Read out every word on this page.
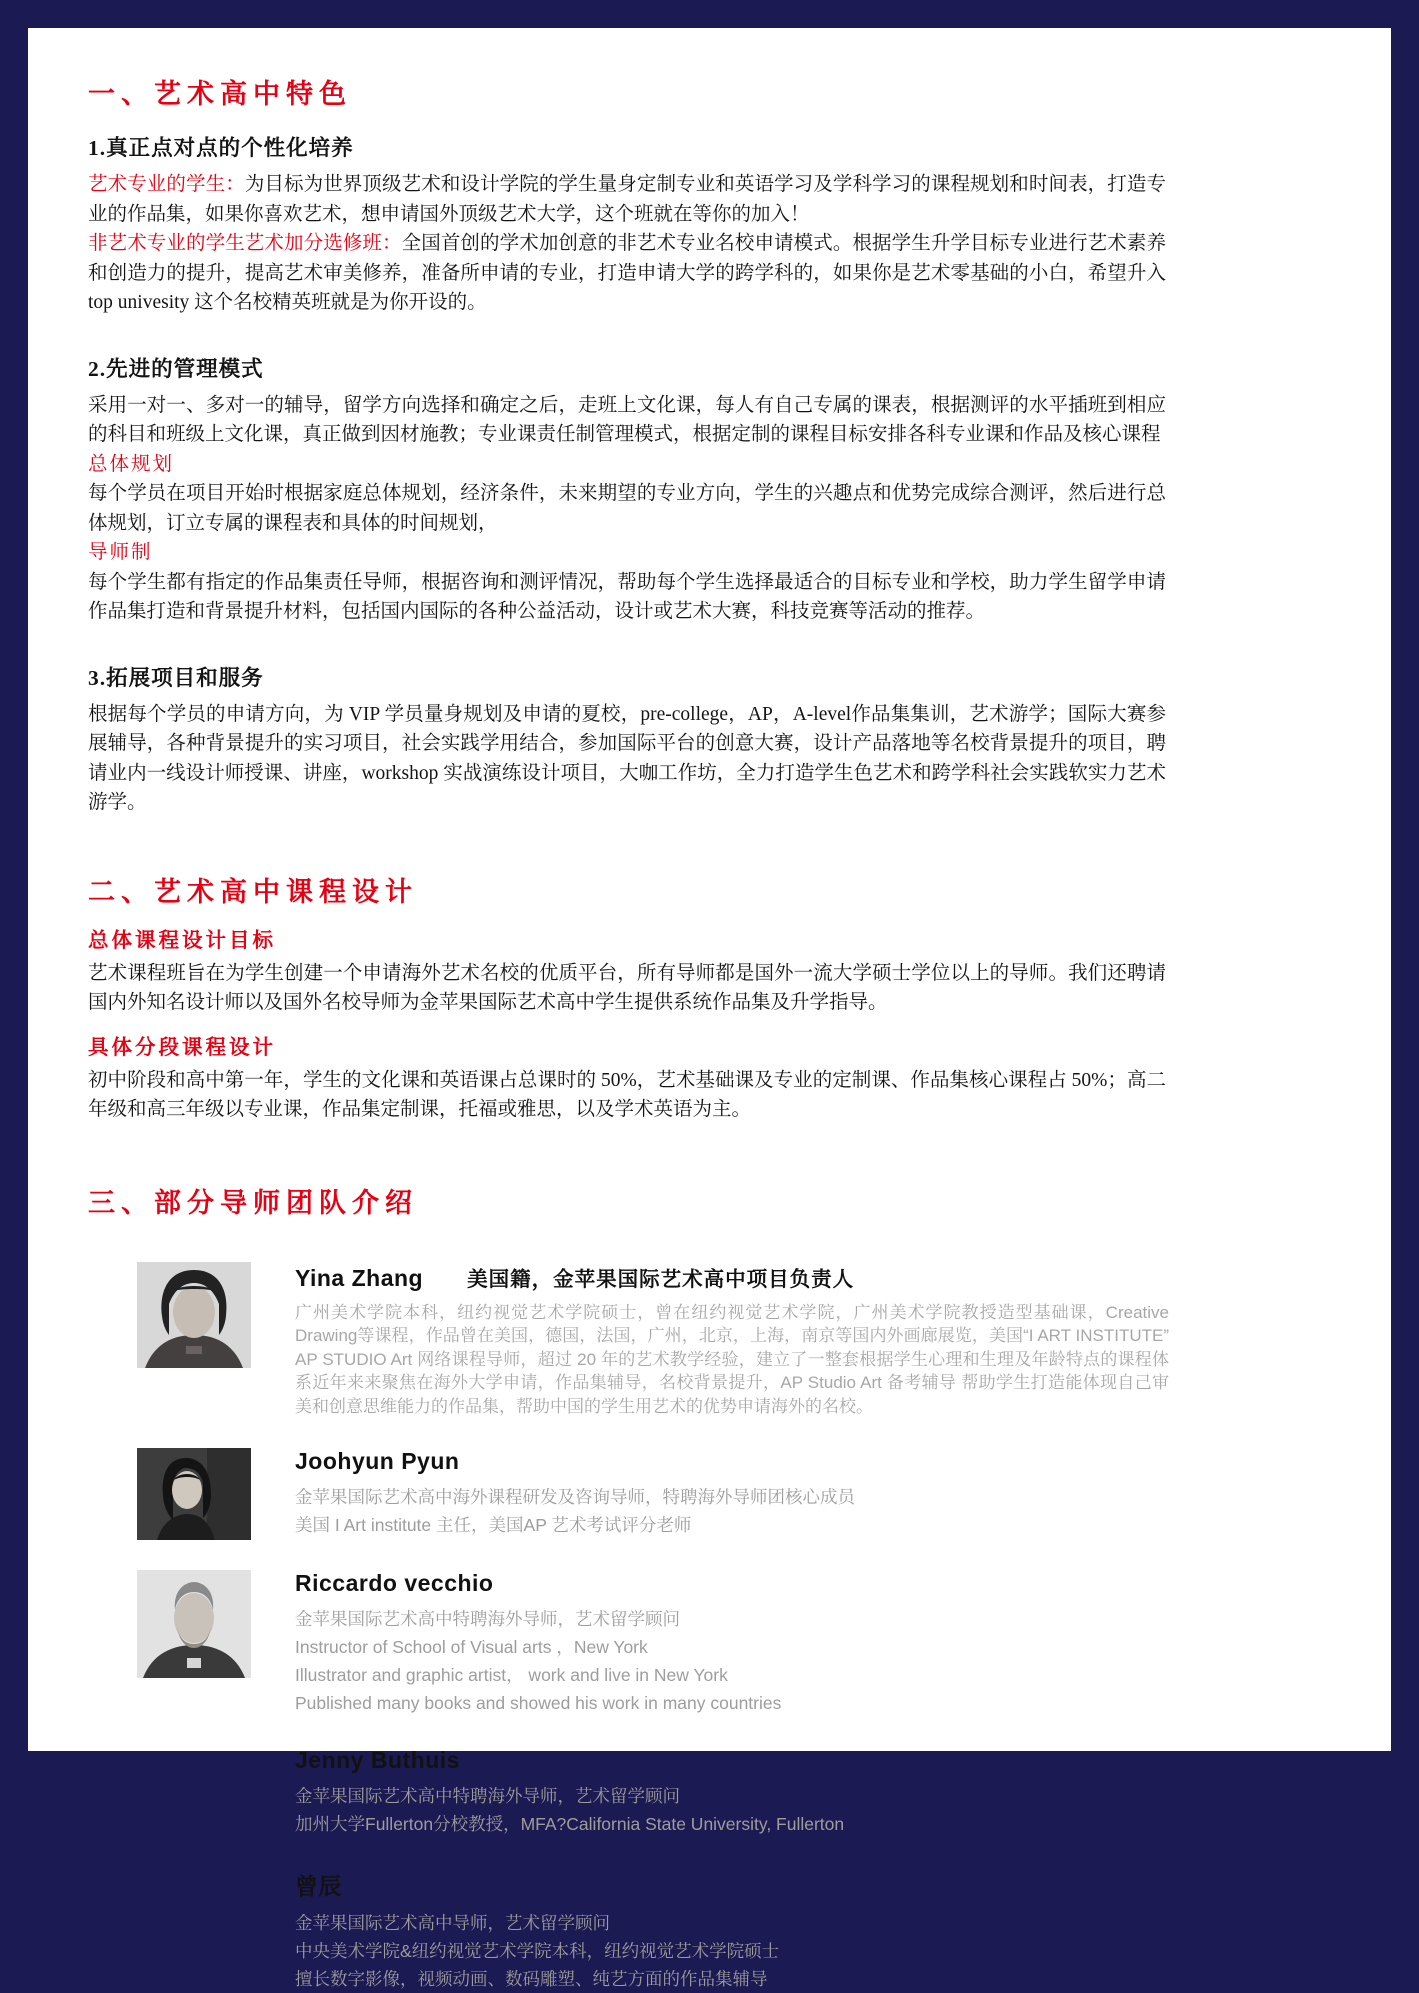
一、艺术高中特色
1.真正点对点的个性化培养

艺术专业的学生：为目标为世界顶级艺术和设计学院的学生量身定制专业和英语学习及学科学习的课程规划和时间表，打造专业的作品集，如果你喜欢艺术，想申请国外顶级艺术大学，这个班就在等你的加入！

非艺术专业的学生艺术加分选修班：全国首创的学术加创意的非艺术专业名校申请模式。根据学生升学目标专业进行艺术素养和创造力的提升，提高艺术审美修养，准备所申请的专业，打造申请大学的跨学科的，如果你是艺术零基础的小白，希望升入top univesity 这个名校精英班就是为你开设的。

2.先进的管理模式

采用一对一、多对一的辅导，留学方向选择和确定之后，走班上文化课，每人有自己专属的课表，根据测评的水平插班到相应的科目和班级上文化课，真正做到因材施教；专业课责任制管理模式，根据定制的课程目标安排各科专业课和作品及核心课程

总体规划

每个学员在项目开始时根据家庭总体规划，经济条件，未来期望的专业方向，学生的兴趣点和优势完成综合测评，然后进行总体规划，订立专属的课程表和具体的时间规划，

导师制

每个学生都有指定的作品集责任导师，根据咨询和测评情况，帮助每个学生选择最适合的目标专业和学校，助力学生留学申请作品集打造和背景提升材料，包括国内国际的各种公益活动，设计或艺术大赛，科技竞赛等活动的推荐。

3.拓展项目和服务

根据每个学员的申请方向，为 VIP 学员量身规划及申请的夏校，pre-college，AP，A-level作品集集训，艺术游学；国际大赛参展辅导，各种背景提升的实习项目，社会实践学用结合，参加国际平台的创意大赛，设计产品落地等名校背景提升的项目，聘请业内一线设计师授课、讲座，workshop 实战演练设计项目，大咖工作坊，全力打造学生色艺术和跨学科社会实践软实力艺术游学。

二、艺术高中课程设计
总体课程设计目标

艺术课程班旨在为学生创建一个申请海外艺术名校的优质平台，所有导师都是国外一流大学硕士学位以上的导师。我们还聘请国内外知名设计师以及国外名校导师为金苹果国际艺术高中学生提供系统作品集及升学指导。

具体分段课程设计

初中阶段和高中第一年，学生的文化课和英语课占总课时的 50%，艺术基础课及专业的定制课、作品集核心课程占 50%；高二年级和高三年级以专业课，作品集定制课，托福或雅思，以及学术英语为主。

三、部分导师团队介绍
Yina Zhang 美国籍，金苹果国际艺术高中项目负责人
广州美术学院本科，纽约视觉艺术学院硕士，曾在纽约视觉艺术学院，广州美术学院教授造型基础课，Creative Drawing等课程，作品曾在美国，德国，法国，广州，北京，上海，南京等国内外画廊展览，美国“I ART INSTITUTE” AP STUDIO Art 网络课程导师，超过 20 年的艺术教学经验，建立了一整套根据学生心理和生理及年龄特点的课程体系近年来来聚焦在海外大学申请，作品集辅导，名校背景提升，AP Studio Art 备考辅导 帮助学生打造能体现自己审美和创意思维能力的作品集，帮助中国的学生用艺术的优势申请海外的名校。
Joohyun Pyun
金苹果国际艺术高中海外课程研发及咨询导师，特聘海外导师团核心成员
美国 I Art institute 主任，美国AP 艺术考试评分老师
Riccardo vecchio
金苹果国际艺术高中特聘海外导师，艺术留学顾问
Instructor of School of Visual arts ，New York
Illustrator and graphic artist， work and live in New York
Published many books and showed his work in many countries
Jenny Buthuis
金苹果国际艺术高中特聘海外导师，艺术留学顾问
加州大学Fullerton分校教授，MFA?California State University, Fullerton
曾辰
金苹果国际艺术高中导师，艺术留学顾问
中央美术学院&纽约视觉艺术学院本科，纽约视觉艺术学院硕士
擅长数字影像，视频动画、数码雕塑、纯艺方面的作品集辅导
